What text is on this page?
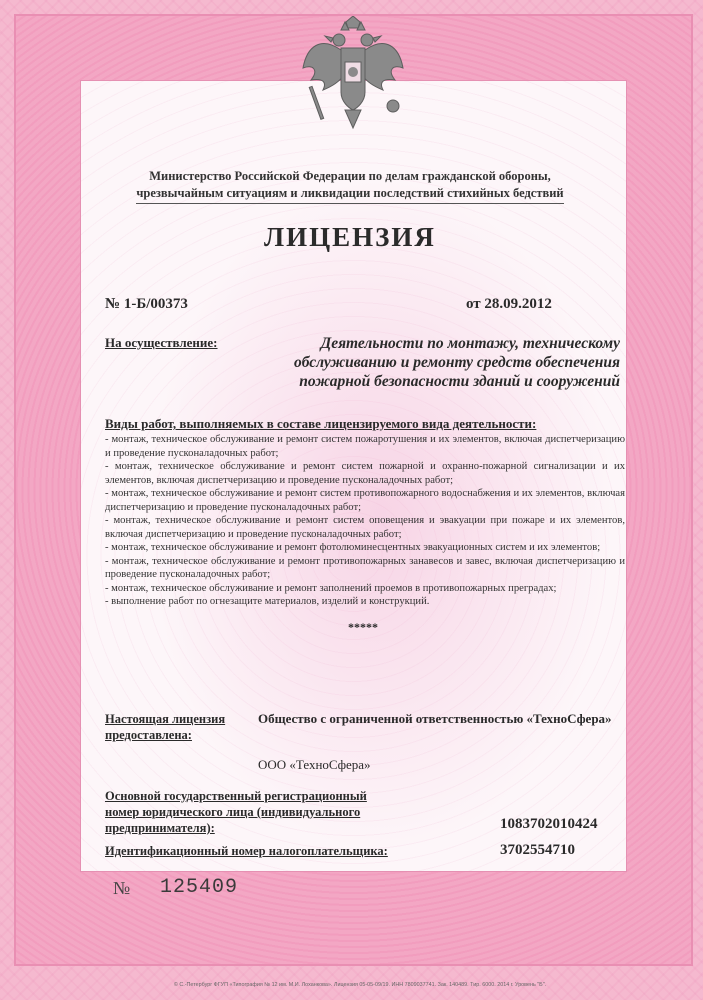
Министерство Российской Федерации по делам гражданской обороны,
чрезвычайным ситуациям и ликвидации последствий стихийных бедствий
ЛИЦЕНЗИЯ
№ 1-Б/00373	от 28.09.2012
На осуществление:	Деятельности по монтажу, техническому
обслуживанию и ремонту средств обеспечения
пожарной безопасности зданий и сооружений
Виды работ, выполняемых в составе лицензируемого вида деятельности:
- монтаж, техническое обслуживание и ремонт систем пожаротушения и их элементов, включая диспетчеризацию и проведение пусконаладочных работ;
- монтаж, техническое обслуживание и ремонт систем пожарной и охранно-пожарной сигнализации и их элементов, включая диспетчеризацию и проведение пусконаладочных работ;
- монтаж, техническое обслуживание и ремонт систем противопожарного водоснабжения и их элементов, включая диспетчеризацию и проведение пусконаладочных работ;
- монтаж, техническое обслуживание и ремонт систем оповещения и эвакуации при пожаре и их элементов, включая диспетчеризацию и проведение пусконаладочных работ;
- монтаж, техническое обслуживание и ремонт фотолюминесцентных эвакуационных систем и их элементов;
- монтаж, техническое обслуживание и ремонт противопожарных занавесов и завес, включая диспетчеризацию и проведение пусконаладочных работ;
- монтаж, техническое обслуживание и ремонт заполнений проемов в противопожарных преградах;
- выполнение работ по огнезащите материалов, изделий и конструкций.
*****
Настоящая лицензия
предоставлена:
Общество с ограниченной ответственностью «ТехноСфера»
ООО «ТехноСфера»
Основной государственный регистрационный
номер юридического лица (индивидуального
предпринимателя):	1083702010424
Идентификационный номер налогоплательщика:	3702554710
№ 125409
© С.-Петербург ФГУП «Типография № 12 им. М.И. Лоханкова». Лицензия 05-05-09/19. ИНН 7809037741. Зак. 140489. Тир. 6000. 2014 г. Уровень "Б".
